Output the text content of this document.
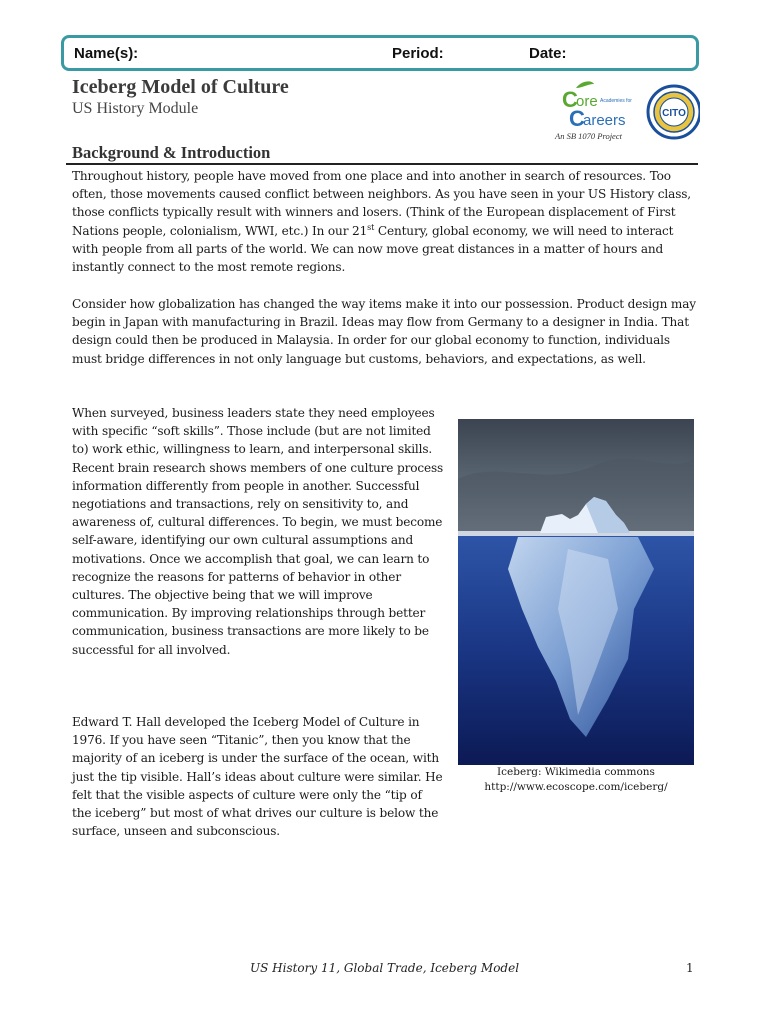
Name(s):	Period:	Date:
Iceberg Model of Culture
US History Module	C
ore Academies for
C
areers	CITO
An SB 1070 Project
Background & Introduction
Throughout history, people have moved from one place and into another in search of resources. Too often, those movements caused conflict between neighbors. As you have seen in your US History class, those conflicts typically result with winners and losers. (Think of the European displacement of First Nations people, colonialism, WWI, etc.) In our 21st Century, global economy, we will need to interact with people from all parts of the world. We can now move great distances in a matter of hours and instantly connect to the most remote regions.
Consider how globalization has changed the way items make it into our possession. Product design may begin in Japan with manufacturing in Brazil. Ideas may flow from Germany to a designer in India. That design could then be produced in Malaysia. In order for our global economy to function, individuals must bridge differences in not only language but customs, behaviors, and expectations, as well.
When surveyed, business leaders state they need employees with specific “soft skills”. Those include (but are not limited to) work ethic, willingness to learn, and interpersonal skills. Recent brain research shows members of one culture process information differently from people in another. Successful negotiations and transactions, rely on sensitivity to, and awareness of, cultural differences. To begin, we must become self-aware, identifying our own cultural assumptions and motivations. Once we accomplish that goal, we can learn to recognize the reasons for patterns of behavior in other cultures. The objective being that we will improve communication. By improving relationships through better communication, business transactions are more likely to be successful for all involved.
Edward T. Hall developed the Iceberg Model of Culture in 1976. If you have seen “Titanic”, then you know that the majority of an iceberg is under the surface of the ocean, with just the tip visible. Hall’s ideas about culture were similar. He felt that the visible aspects of culture were only the “tip of the iceberg” but most of what drives our culture is below the surface, unseen and subconscious.
Iceberg: Wikimedia commons
http://www.ecoscope.com/iceberg/
US History 11, Global Trade, Iceberg Model	1
